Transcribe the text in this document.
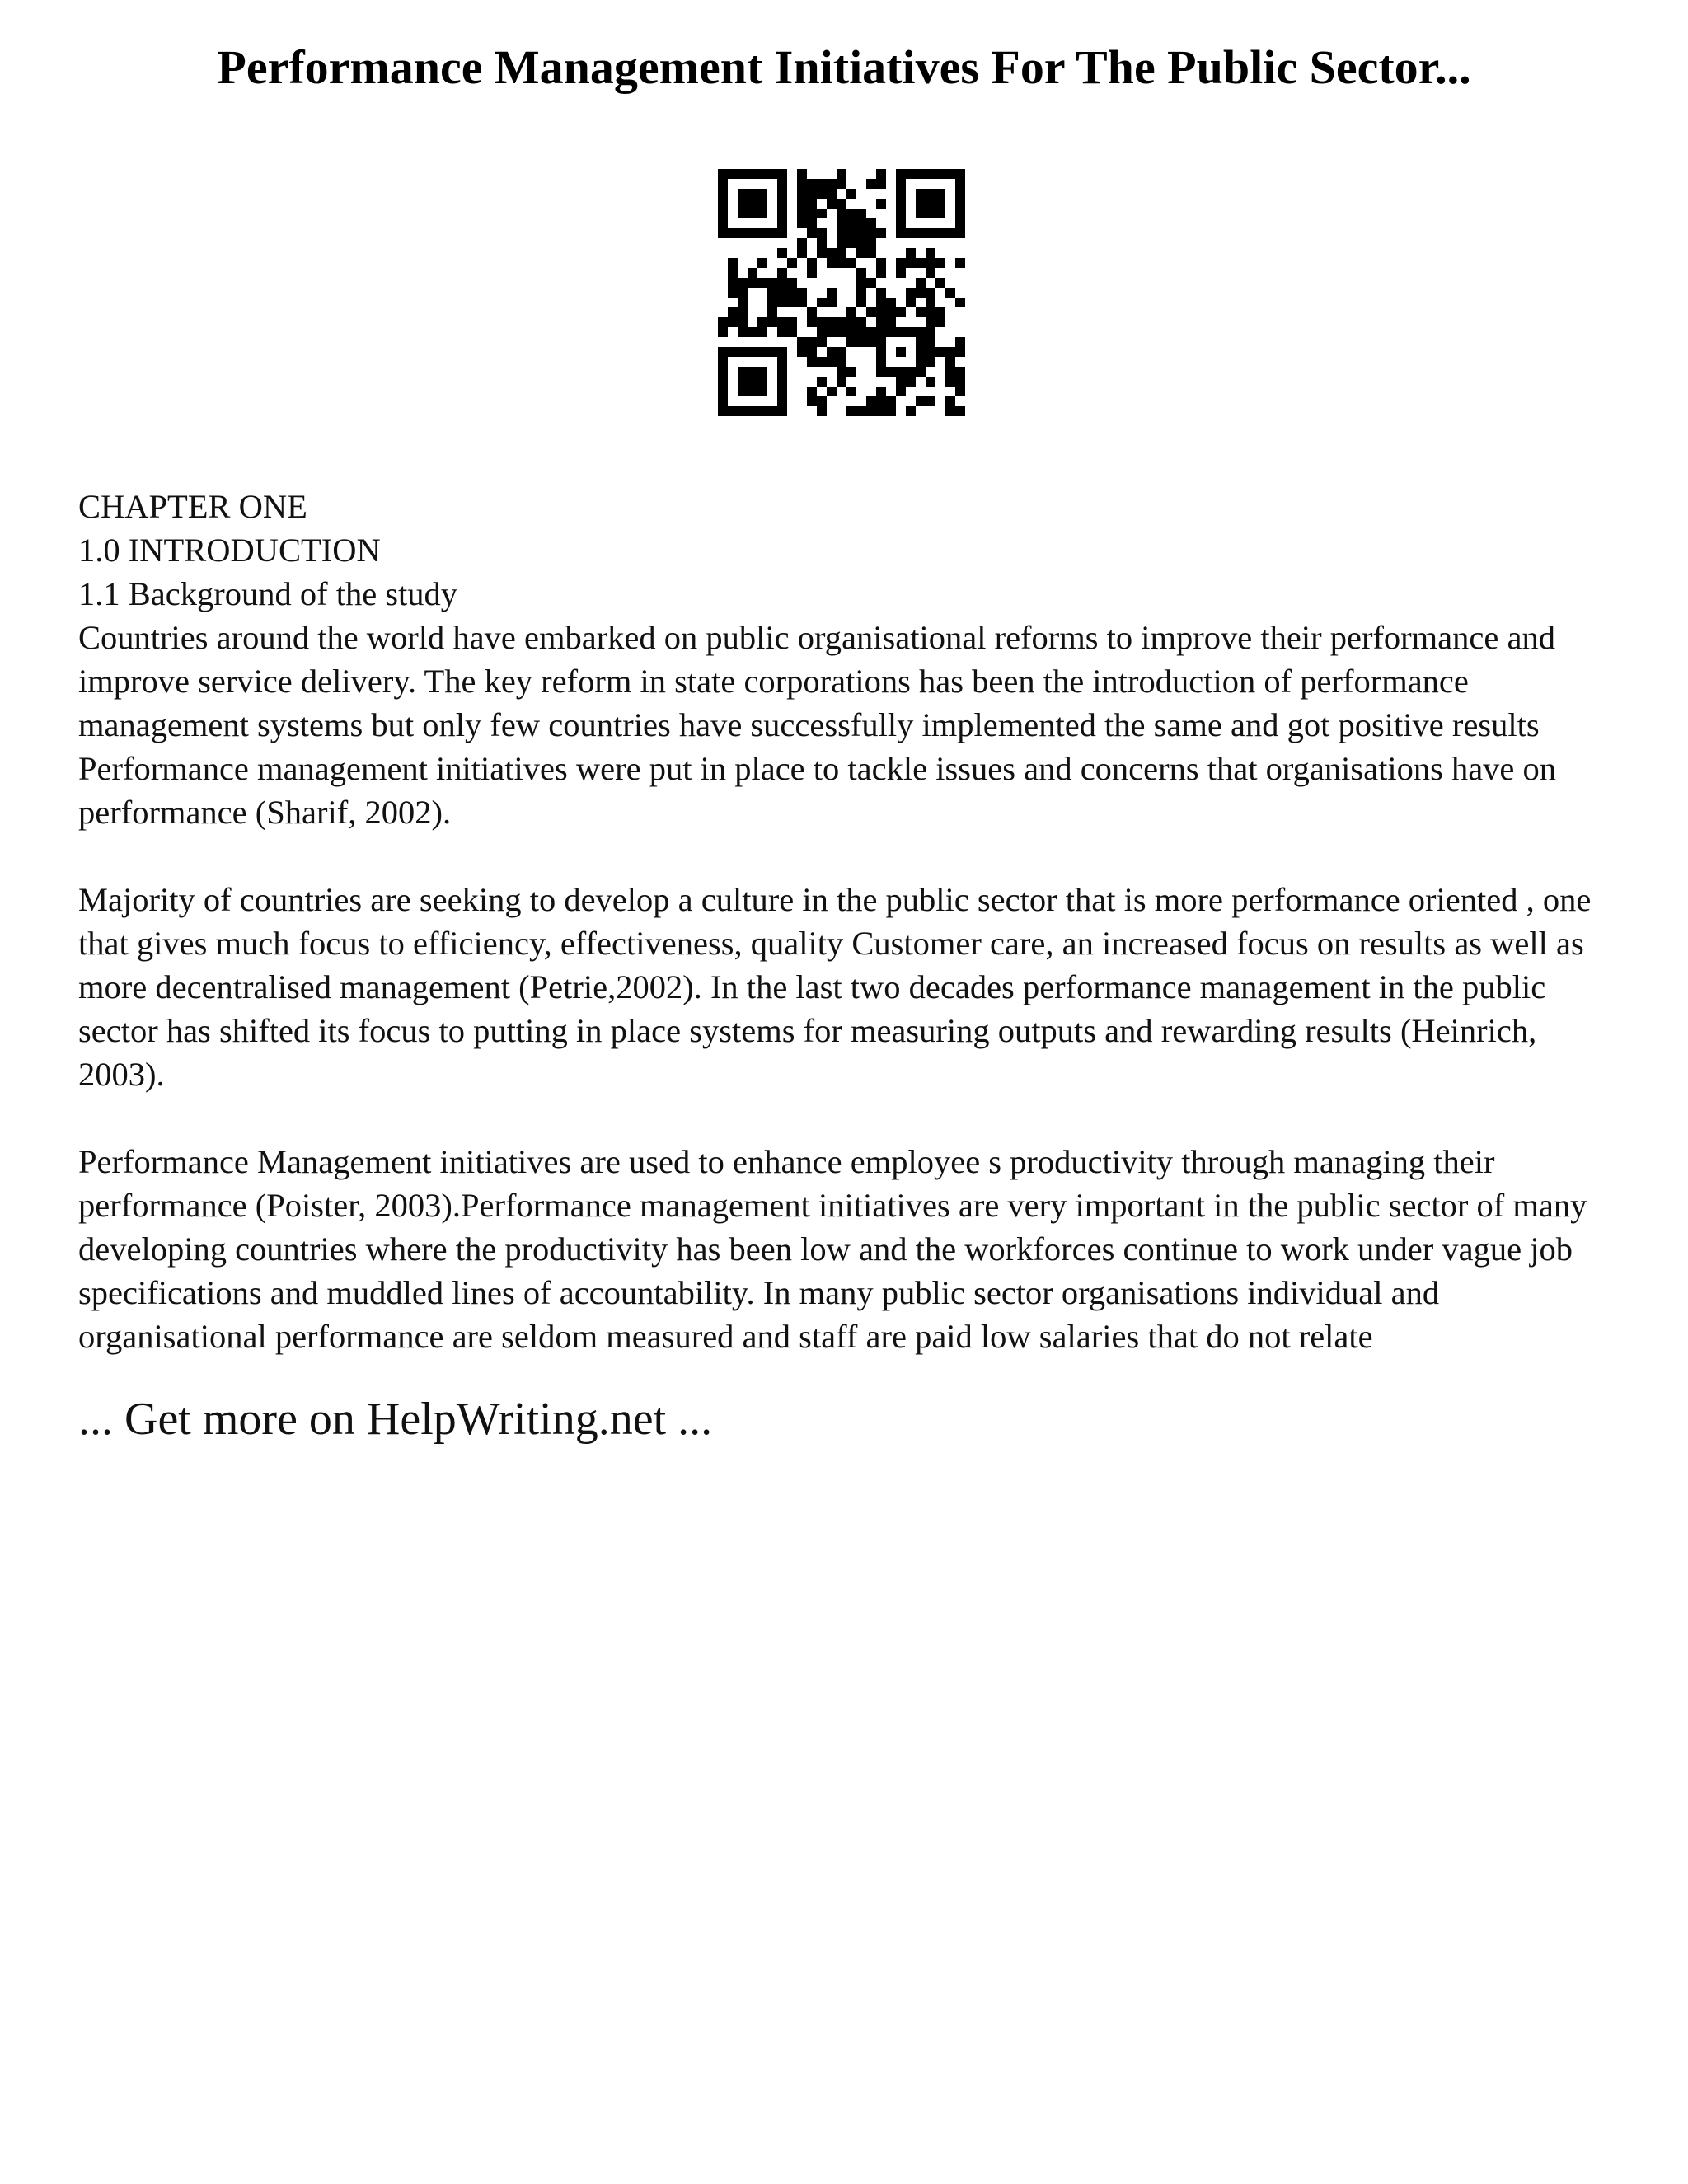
Performance Management Initiatives For The Public Sector...
CHAPTER ONE
1.0 INTRODUCTION
1.1 Background of the study

Countries around the world have embarked on public organisational reforms to improve their performance and improve service delivery. The key reform in state corporations has been the introduction of performance management systems but only few countries have successfully implemented the same and got positive results Performance management initiatives were put in place to tackle issues and concerns that organisations have on performance (Sharif, 2002).

Majority of countries are seeking to develop a culture in the public sector that is more performance oriented , one that gives much focus to efficiency, effectiveness, quality Customer care, an increased focus on results as well as more decentralised management (Petrie,2002). In the last two decades performance management in the public sector has shifted its focus to putting in place systems for measuring outputs and rewarding results (Heinrich, 2003).

Performance Management initiatives are used to enhance employee s productivity through managing their performance (Poister, 2003).Performance management initiatives are very important in the public sector of many developing countries where the productivity has been low and the workforces continue to work under vague job specifications and muddled lines of accountability. In many public sector organisations individual and organisational performance are seldom measured and staff are paid low salaries that do not relate

... Get more on HelpWriting.net ...
